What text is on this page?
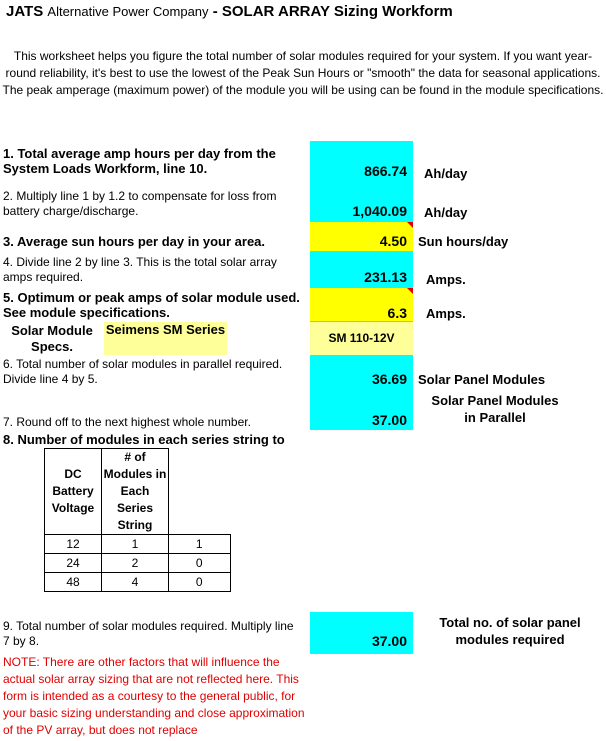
JATS Alternative Power Company - SOLAR ARRAY Sizing Workform
This worksheet helps you figure the total number of solar modules required for your system. If you want year-round reliability, it's best to use the lowest of the Peak Sun Hours or "smooth" the data for seasonal applications. The peak amperage (maximum power) of the module you will be using can be found in the module specifications.
1. Total average amp hours per day from the System Loads Workform, line 10.	866.74 Ah/day
2. Multiply line 1 by 1.2 to compensate for loss from battery charge/discharge.	1,040.09 Ah/day
3. Average sun hours per day in your area.	4.50 Sun hours/day
4. Divide line 2 by line 3. This is the total solar array amps required.	231.13 Amps.
5. Optimum or peak amps of solar module used. See module specifications.	6.3 Amps.
Solar Module Specs.
Seimens SM Series
SM 110-12V
6. Total number of solar modules in parallel required. Divide line 4 by 5.	36.69 Solar Panel Modules
7. Round off to the next highest whole number.	37.00
Solar Panel Modules in Parallel
8. Number of modules in each series string to
DC Battery Voltage	# of Modules in Each Series String	
12	1	1
24	2	0
48	4	0
9. Total number of solar modules required. Multiply line 7 by 8.	37.00
Total no. of solar panel modules required
NOTE: There are other factors that will influence the actual solar array sizing that are not reflected here. This form is intended as a courtesy to the general public, for your basic sizing understanding and close approximation of the PV array, but does not replace
